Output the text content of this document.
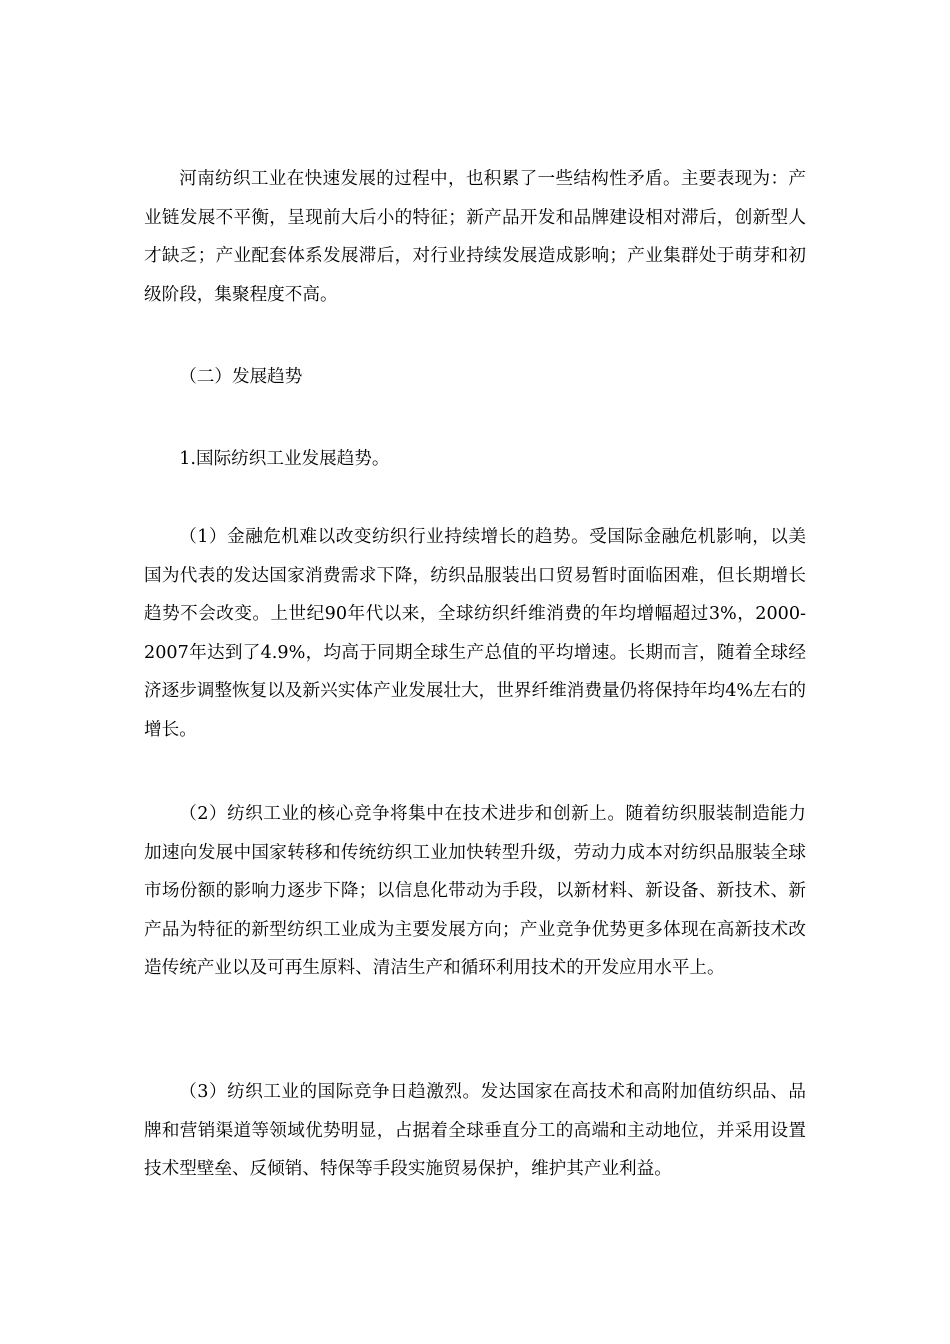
河南纺织工业在快速发展的过程中，也积累了一些结构性矛盾。主要表现为：产业链发展不平衡，呈现前大后小的特征；新产品开发和品牌建设相对滞后，创新型人才缺乏；产业配套体系发展滞后，对行业持续发展造成影响；产业集群处于萌芽和初级阶段，集聚程度不高。

（二）发展趋势

1.国际纺织工业发展趋势。

（1）金融危机难以改变纺织行业持续增长的趋势。受国际金融危机影响，以美国为代表的发达国家消费需求下降，纺织品服装出口贸易暂时面临困难，但长期增长趋势不会改变。上世纪90年代以来，全球纺织纤维消费的年均增幅超过3%，2000-2007年达到了4.9%，均高于同期全球生产总值的平均增速。长期而言，随着全球经济逐步调整恢复以及新兴实体产业发展壮大，世界纤维消费量仍将保持年均4%左右的增长。

（2）纺织工业的核心竞争将集中在技术进步和创新上。随着纺织服装制造能力加速向发展中国家转移和传统纺织工业加快转型升级，劳动力成本对纺织品服装全球市场份额的影响力逐步下降；以信息化带动为手段，以新材料、新设备、新技术、新产品为特征的新型纺织工业成为主要发展方向；产业竞争优势更多体现在高新技术改造传统产业以及可再生原料、清洁生产和循环利用技术的开发应用水平上。

（3）纺织工业的国际竞争日趋激烈。发达国家在高技术和高附加值纺织品、品牌和营销渠道等领域优势明显，占据着全球垂直分工的高端和主动地位，并采用设置技术型壁垒、反倾销、特保等手段实施贸易保护，维护其产业利益。
